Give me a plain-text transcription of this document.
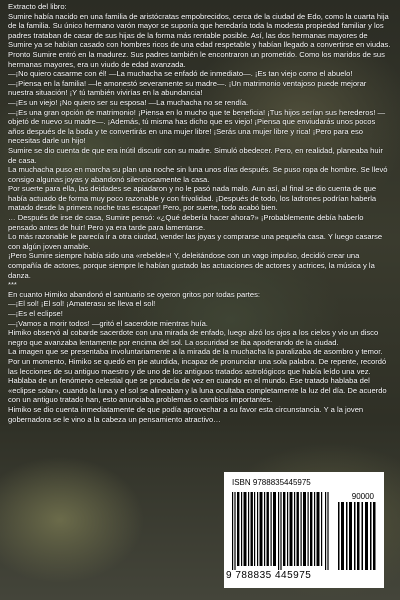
Extracto del libro:

Sumire había nacido en una familia de aristócratas empobrecidos, cerca de la ciudad de Edo, como la cuarta hija de la familia. Su único hermano varón mayor se suponía que heredaría toda la modesta propiedad familiar y los padres trataban de casar de sus hijas de la forma más rentable posible. Así, las dos hermanas mayores de Sumire ya se habían casado con hombres ricos de una edad respetable y habían llegado a convertirse en viudas.

Pronto Sumire entró en la madurez. Sus padres también le encontraron un prometido. Como los maridos de sus hermanas mayores, era un viudo de edad avanzada.

—¡No quiero casarme con él! —La muchacha se enfadó de inmediato—. ¡Es tan viejo como el abuelo!

—¡Piensa en la familia! —le amonestó severamente su madre—. ¡Un matrimonio ventajoso puede mejorar nuestra situación! ¡Y tú también vivirías en la abundancia!

—¡Es un viejo! ¡No quiero ser su esposa! —La muchacha no se rendía.

—¡Es una gran opción de matrimonio! ¡Piensa en lo mucho que te beneficia! ¡Tus hijos serían sus herederos! —objetó de nuevo su madre—. ¡Además, tú misma has dicho que es viejo! ¡Piensa que enviudarás unos pocos años después de la boda y te convertirás en una mujer libre! ¡Serás una mujer libre y rica! ¡Pero para eso necesitas darle un hijo!

Sumire se dio cuenta de que era inútil discutir con su madre. Simuló obedecer. Pero, en realidad, planeaba huir de casa.

La muchacha puso en marcha su plan una noche sin luna unos días después. Se puso ropa de hombre. Se llevó consigo algunas joyas y abandonó silenciosamente la casa.

Por suerte para ella, las deidades se apiadaron y no le pasó nada malo. Aun así, al final se dio cuenta de que había actuado de forma muy poco razonable y con frivolidad. ¡Después de todo, los ladrones podrían haberla matado desde la primera noche tras escapar! Pero, por suerte, todo acabó bien.

… Después de irse de casa, Sumire pensó: «¿Qué debería hacer ahora?» ¡Probablemente debía haberlo pensado antes de huir! Pero ya era tarde para lamentarse.

Lo más razonable le parecía ir a otra ciudad, vender las joyas y comprarse una pequeña casa. Y luego casarse con algún joven amable.

¡Pero Sumire siempre había sido una «rebelde»! Y, deleitándose con un vago impulso, decidió crear una compañía de actores, porque siempre le habían gustado las actuaciones de actores y actrices, la música y la danza.

***

En cuanto Himiko abandonó el santuario se oyeron gritos por todas partes:

—¡El sol! ¡El sol! ¡Amaterasu se lleva el sol!

—¡Es el eclipse!

—¡Vamos a morir todos! —gritó el sacerdote mientras huía.

Himiko observó al cobarde sacerdote con una mirada de enfado, luego alzó los ojos a los cielos y vio un disco negro que avanzaba lentamente por encima del sol. La oscuridad se iba apoderando de la ciudad.

La imagen que se presentaba involuntariamente a la mirada de la muchacha la paralizaba de asombro y temor. Por un momento, Himiko se quedó en pie aturdida, incapaz de pronunciar una sola palabra. De repente, recordó las lecciones de su antiguo maestro y de uno de los antiguos tratados astrológicos que había leído una vez. Hablaba de un fenómeno celestial que se producía de vez en cuando en el mundo. Ese tratado hablaba del «eclipse solar», cuando la luna y el sol se alineaban y la luna ocultaba completamente la luz del día. De acuerdo con un antiguo tratado han, esto anunciaba problemas o cambios importantes.

Himiko se dio cuenta inmediatamente de que podía aprovechar a su favor esta circunstancia. Y a la joven gobernadora se le vino a la cabeza un pensamiento atractivo…

ISBN 9788835445975
90000
9 788835 445975
